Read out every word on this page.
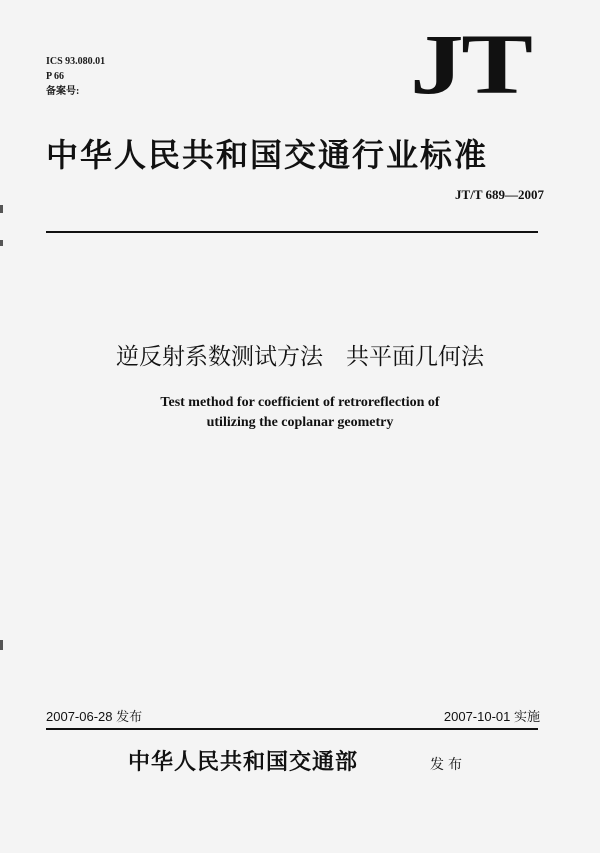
ICS 93.080.01
P 66
备案号:	JT
中华人民共和国交通行业标准
JT/T 689—2007
逆反射系数测试方法　共平面几何法
Test method for coefficient of retroreflection of
utilizing the coplanar geometry
2007-06-28 发布	2007-10-01 实施
中华人民共和国交通部	发布
